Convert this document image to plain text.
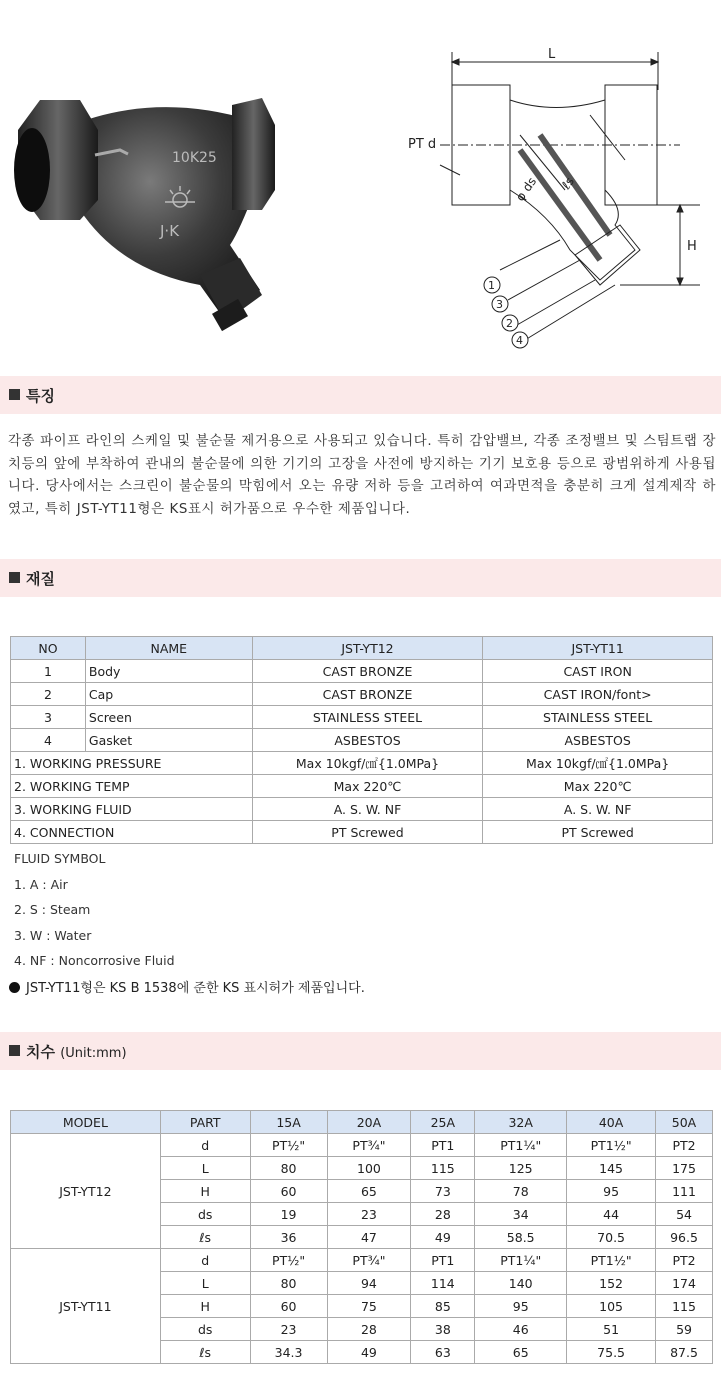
10K25
J·K
L
H
PT d
φ ds ℓs
1
3
2
4
특징
각종 파이프 라인의 스케일 및 불순물 제거용으로 사용되고 있습니다. 특히 감압밸브, 각종 조정밸브 및 스팀트랩 장치등의 앞에 부착하여 관내의 불순물에 의한 기기의 고장을 사전에 방지하는 기기 보호용 등으로 광범위하게 사용됩니다. 당사에서는 스크린이 불순물의 막힘에서 오는 유량 저하 등을 고려하여 여과면적을 충분히 크게 설계제작 하였고, 특히 JST-YT11형은 KS표시 허가품으로 우수한 제품입니다.
재질
NO	NAME	JST-YT12	JST-YT11
1	Body	CAST BRONZE	CAST IRON
2	Cap	CAST BRONZE	CAST IRON/font>
3	Screen	STAINLESS STEEL	STAINLESS STEEL
4	Gasket	ASBESTOS	ASBESTOS
1. WORKING PRESSURE		Max 10kgf/㎠{1.0MPa}	Max 10kgf/㎠{1.0MPa}
2. WORKING TEMP		Max 220℃	Max 220℃
3. WORKING FLUID		A. S. W. NF	A. S. W. NF
4. CONNECTION		PT Screwed	PT Screwed
FLUID SYMBOL
1. A : Air
2. S : Steam
3. W : Water
4. NF : Noncorrosive Fluid
JST-YT11형은 KS B 1538에 준한 KS 표시허가 제품입니다.
치수 (Unit:mm)
MODEL	PART	15A	20A	25A	32A	40A	50A
JST-YT12	d	PT½"	PT¾"	PT1	PT1¼"	PT1½"	PT2
	L	80	100	115	125	145	175
	H	60	65	73	78	95	111
	ds	19	23	28	34	44	54
	ℓs	36	47	49	58.5	70.5	96.5
JST-YT11	d	PT½"	PT¾"	PT1	PT1¼"	PT1½"	PT2
	L	80	94	114	140	152	174
	H	60	75	85	95	105	115
	ds	23	28	38	46	51	59
	ℓs	34.3	49	63	65	75.5	87.5
